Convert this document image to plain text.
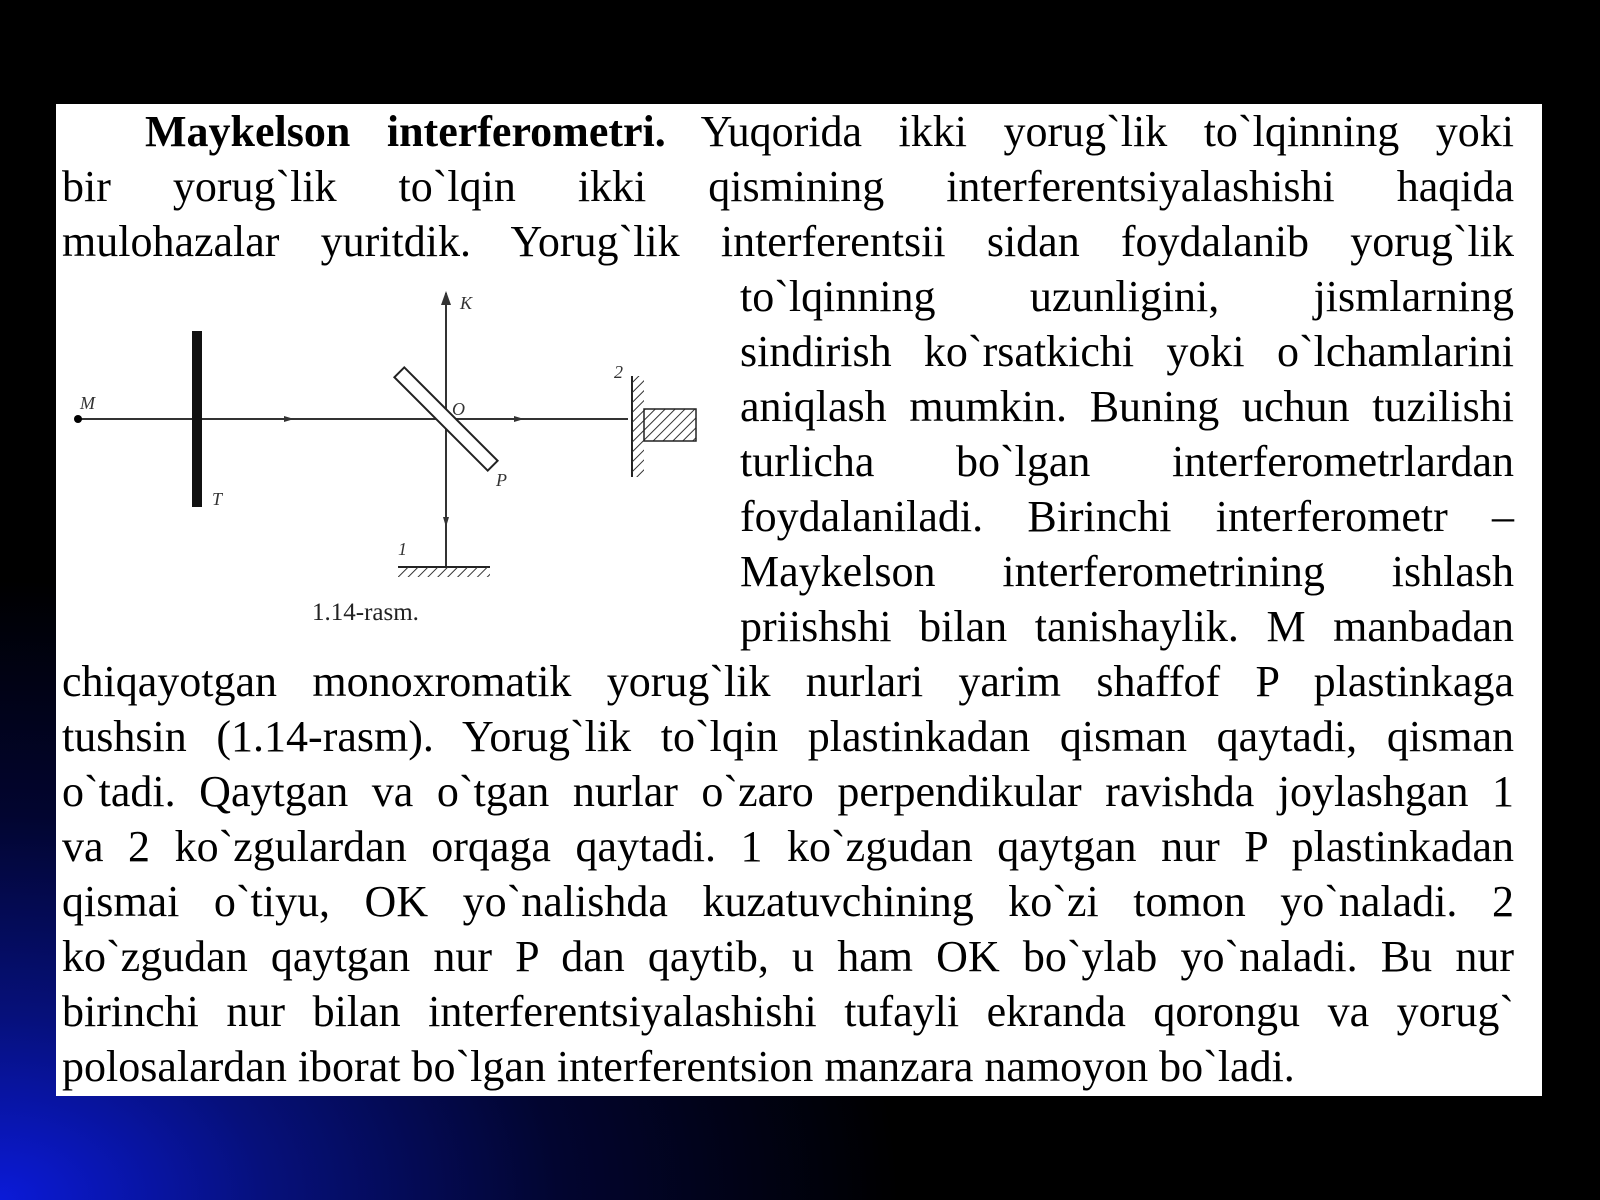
Maykelson interferometri. Yuqorida ikki yorug`lik to`lqinning yoki

bir yorug`lik to`lqin ikki qismining interferentsiyalashishi haqida

mulohazalar yuritdik. Yorug`lik interferentsii sidan foydalanib yorug`lik

to`lqinning uzunligini, jismlarning

sindirish ko`rsatkichi yoki o`lchamlarini

aniqlash mumkin. Buning uchun tuzilishi

turlicha bo`lgan interferometrlardan

foydalaniladi. Birinchi interferometr –

Maykelson interferometrining ishlash

priishshi bilan tanishaylik. M manbadan

chiqayotgan monoxromatik yorug`lik nurlari yarim shaffof P plastinkaga

tushsin (1.14-rasm). Yorug`lik to`lqin plastinkadan qisman qaytadi, qisman

o`tadi. Qaytgan va o`tgan nurlar o`zaro perpendikular ravishda joylashgan 1

va 2 ko`zgulardan orqaga qaytadi. 1 ko`zgudan qaytgan nur P plastinkadan

qismai o`tiyu, OK yo`nalishda kuzatuvchining ko`zi tomon yo`naladi. 2

ko`zgudan qaytgan nur P dan qaytib, u ham OK bo`ylab yo`naladi. Bu nur

birinchi nur bilan interferentsiyalashishi tufayli ekranda qorongu va yorug`

polosalardan iborat bo`lgan interferentsion manzara namoyon bo`ladi.

M
T
K
O
P
1
2
1.14-rasm.
